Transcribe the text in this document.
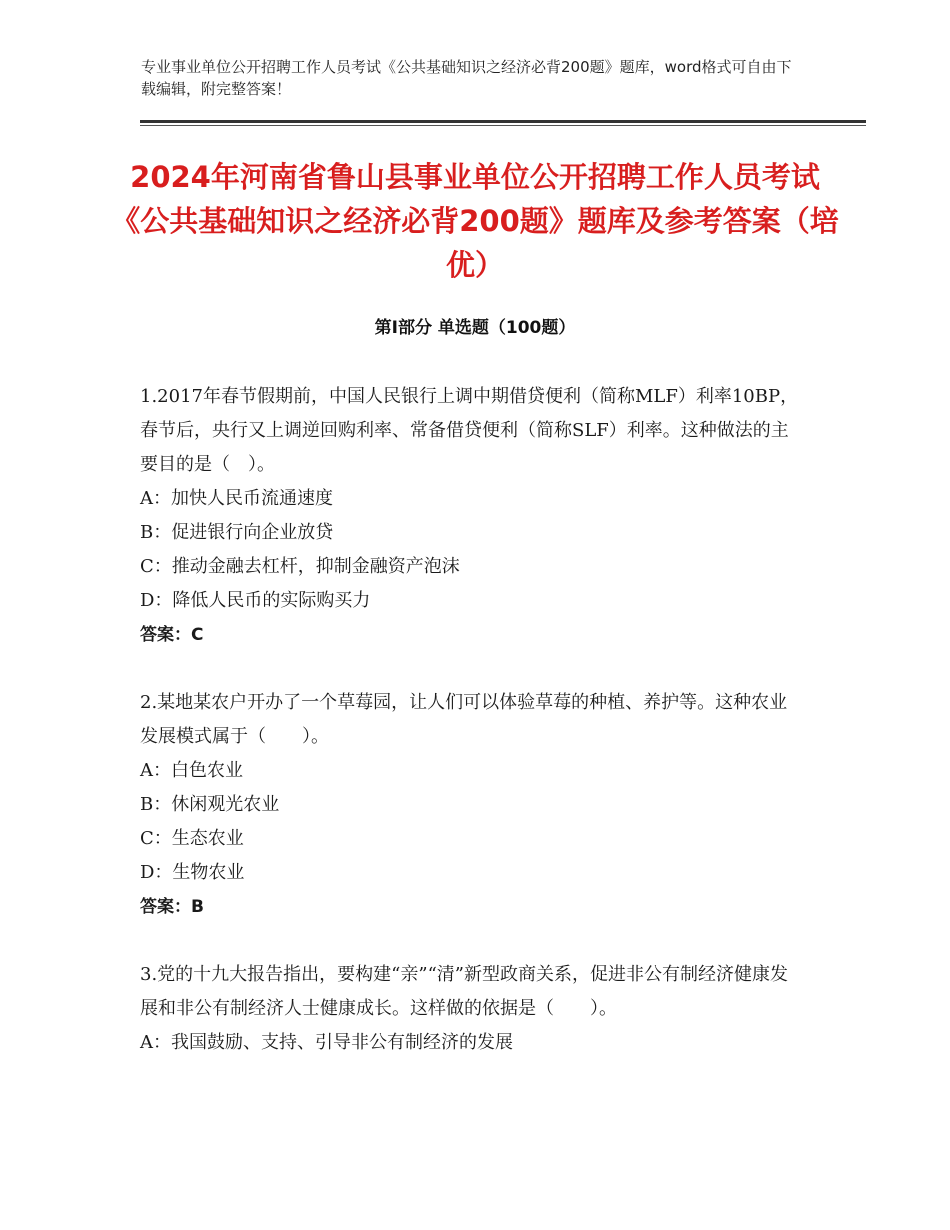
专业事业单位公开招聘工作人员考试《公共基础知识之经济必背200题》题库，word格式可自由下载编辑，附完整答案！
2024年河南省鲁山县事业单位公开招聘工作人员考试《公共基础知识之经济必背200题》题库及参考答案（培优）
第Ⅰ部分 单选题（100题）

1.2017年春节假期前，中国人民银行上调中期借贷便利（简称MLF）利率10BP，春节后，央行又上调逆回购利率、常备借贷便利（简称SLF）利率。这种做法的主要目的是（　）。

A：加快人民币流通速度

B：促进银行向企业放贷

C：推动金融去杠杆，抑制金融资产泡沫

D：降低人民币的实际购买力

答案：C

2.某地某农户开办了一个草莓园，让人们可以体验草莓的种植、养护等。这种农业发展模式属于（　　）。

A：白色农业

B：休闲观光农业

C：生态农业

D：生物农业

答案：B

3.党的十九大报告指出，要构建“亲”“清”新型政商关系，促进非公有制经济健康发展和非公有制经济人士健康成长。这样做的依据是（　　）。

A：我国鼓励、支持、引导非公有制经济的发展
